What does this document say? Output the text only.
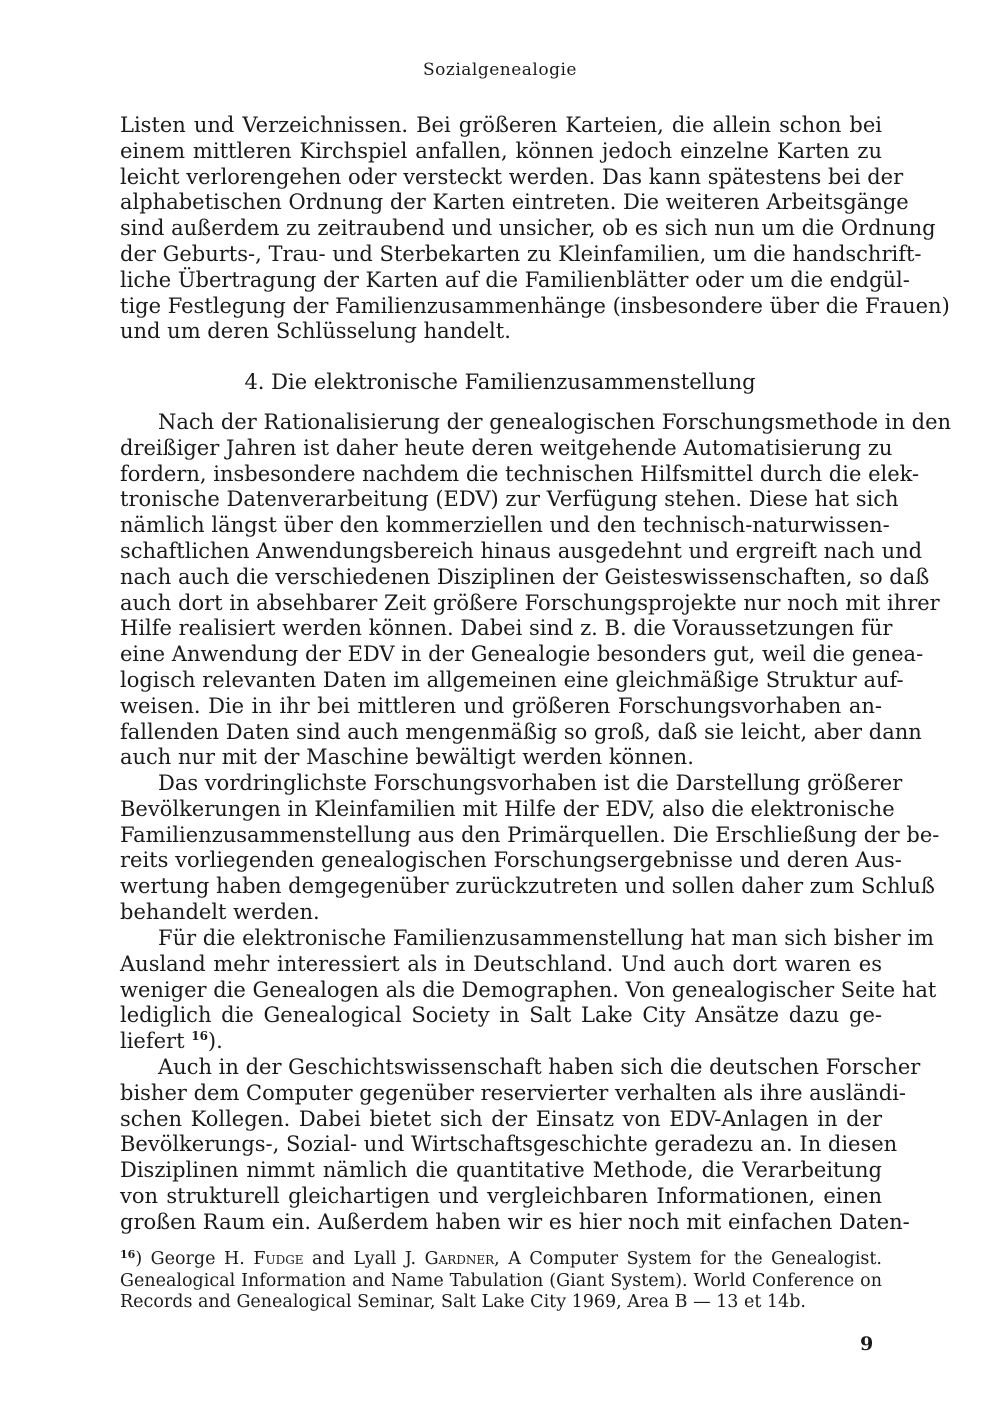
Sozialgenealogie
Listen und Verzeichnissen. Bei größeren Karteien, die allein schon bei
einem mittleren Kirchspiel anfallen, können jedoch einzelne Karten zu
leicht verlorengehen oder versteckt werden. Das kann spätestens bei der
alphabetischen Ordnung der Karten eintreten. Die weiteren Arbeitsgänge
sind außerdem zu zeitraubend und unsicher, ob es sich nun um die Ordnung
der Geburts-, Trau- und Sterbekarten zu Kleinfamilien, um die handschrift-
liche Übertragung der Karten auf die Familienblätter oder um die endgül-
tige Festlegung der Familienzusammenhänge (insbesondere über die Frauen)
und um deren Schlüsselung handelt.
4. Die elektronische Familienzusammenstellung
Nach der Rationalisierung der genealogischen Forschungsmethode in den
dreißiger Jahren ist daher heute deren weitgehende Automatisierung zu
fordern, insbesondere nachdem die technischen Hilfsmittel durch die elek-
tronische Datenverarbeitung (EDV) zur Verfügung stehen. Diese hat sich
nämlich längst über den kommerziellen und den technisch-naturwissen-
schaftlichen Anwendungsbereich hinaus ausgedehnt und ergreift nach und
nach auch die verschiedenen Disziplinen der Geisteswissenschaften, so daß
auch dort in absehbarer Zeit größere Forschungsprojekte nur noch mit ihrer
Hilfe realisiert werden können. Dabei sind z. B. die Voraussetzungen für
eine Anwendung der EDV in der Genealogie besonders gut, weil die genea-
logisch relevanten Daten im allgemeinen eine gleichmäßige Struktur auf-
weisen. Die in ihr bei mittleren und größeren Forschungsvorhaben an-
fallenden Daten sind auch mengenmäßig so groß, daß sie leicht, aber dann
auch nur mit der Maschine bewältigt werden können.
Das vordringlichste Forschungsvorhaben ist die Darstellung größerer
Bevölkerungen in Kleinfamilien mit Hilfe der EDV, also die elektronische
Familienzusammenstellung aus den Primärquellen. Die Erschließung der be-
reits vorliegenden genealogischen Forschungsergebnisse und deren Aus-
wertung haben demgegenüber zurückzutreten und sollen daher zum Schluß
behandelt werden.
Für die elektronische Familienzusammenstellung hat man sich bisher im
Ausland mehr interessiert als in Deutschland. Und auch dort waren es
weniger die Genealogen als die Demographen. Von genealogischer Seite hat
lediglich die Genealogical Society in Salt Lake City Ansätze dazu ge-
liefert $^{16}$).
Auch in der Geschichtswissenschaft haben sich die deutschen Forscher
bisher dem Computer gegenüber reservierter verhalten als ihre ausländi-
schen Kollegen. Dabei bietet sich der Einsatz von EDV-Anlagen in der
Bevölkerungs-, Sozial- und Wirtschaftsgeschichte geradezu an. In diesen
Disziplinen nimmt nämlich die quantitative Methode, die Verarbeitung
von strukturell gleichartigen und vergleichbaren Informationen, einen
großen Raum ein. Außerdem haben wir es hier noch mit einfachen Daten-
$^{16}$) George H. Fudge and Lyall J. Gardner, A Computer System for the Genealogist.
Genealogical Information and Name Tabulation (Giant System). World Conference on
Records and Genealogical Seminar, Salt Lake City 1969, Area B — 13 et 14b.
9
